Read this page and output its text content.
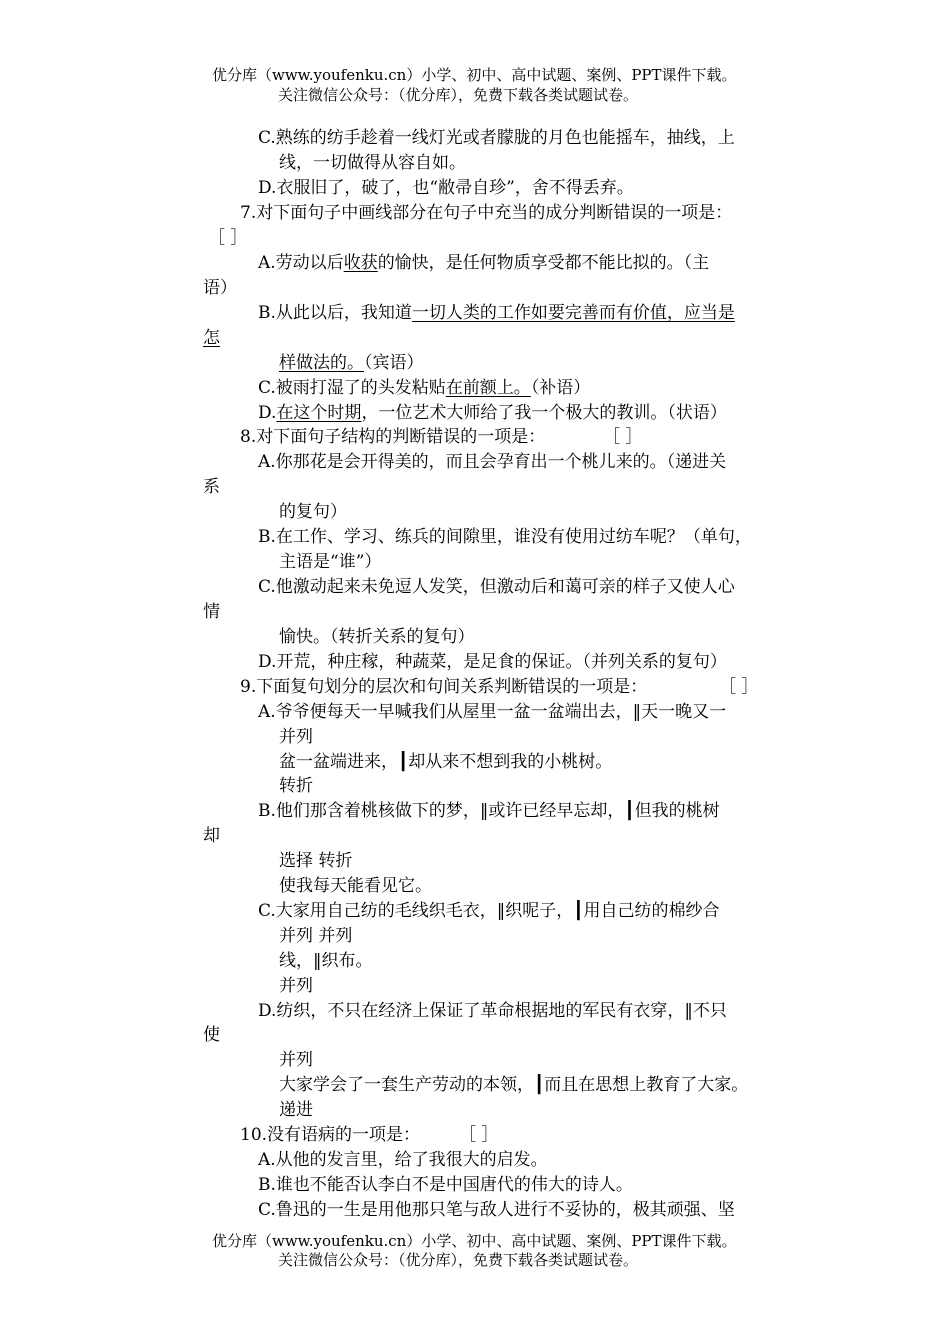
优分库（www.youfenku.cn）小学、初中、高中试题、案例、PPT课件下载。
关注微信公众号：（优分库），免费下载各类试题试卷。
C.熟练的纺手趁着一线灯光或者朦胧的月色也能摇车，抽线，上
线，一切做得从容自如。
D.衣服旧了，破了，也“敝帚自珍”，舍不得丢弃。
7.对下面句子中画线部分在句子中充当的成分判断错误的一项是：
［ ］
A.劳动以后收获的愉快，是任何物质享受都不能比拟的。（主
语）
B.从此以后，我知道一切人类的工作如要完善而有价值，应当是
怎
样做法的。（宾语）
C.被雨打湿了的头发粘贴在前额上。（补语）
D.在这个时期，一位艺术大师给了我一个极大的教训。（状语）
8.对下面句子结构的判断错误的一项是：	［ ］
A.你那花是会开得美的，而且会孕育出一个桃儿来的。（递进关
系
的复句）
B.在工作、学习、练兵的间隙里，谁没有使用过纺车呢？（单句，
主语是“谁”）
C.他激动起来未免逗人发笑，但激动后和蔼可亲的样子又使人心
情
愉快。（转折关系的复句）
D.开荒，种庄稼，种蔬菜，是足食的保证。（并列关系的复句）
9.下面复句划分的层次和句间关系判断错误的一项是：	［ ］
A.爷爷便每天一早喊我们从屋里一盆一盆端出去，‖天一晚又一
并列
盆一盆端进来，┃却从来不想到我的小桃树。
转折
B.他们那含着桃核做下的梦，‖或许已经早忘却，┃但我的桃树
却
选择 转折
使我每天能看见它。
C.大家用自己纺的毛线织毛衣，‖织呢子，┃用自己纺的棉纱合
并列 并列
线，‖织布。
并列
D.纺织，不只在经济上保证了革命根据地的军民有衣穿，‖不只
使
并列
大家学会了一套生产劳动的本领，┃而且在思想上教育了大家。
递进
10.没有语病的一项是： ［ ］
A.从他的发言里，给了我很大的启发。
B.谁也不能否认李白不是中国唐代的伟大的诗人。
C.鲁迅的一生是用他那只笔与敌人进行不妥协的，极其顽强、坚
优分库（www.youfenku.cn）小学、初中、高中试题、案例、PPT课件下载。
关注微信公众号：（优分库），免费下载各类试题试卷。
